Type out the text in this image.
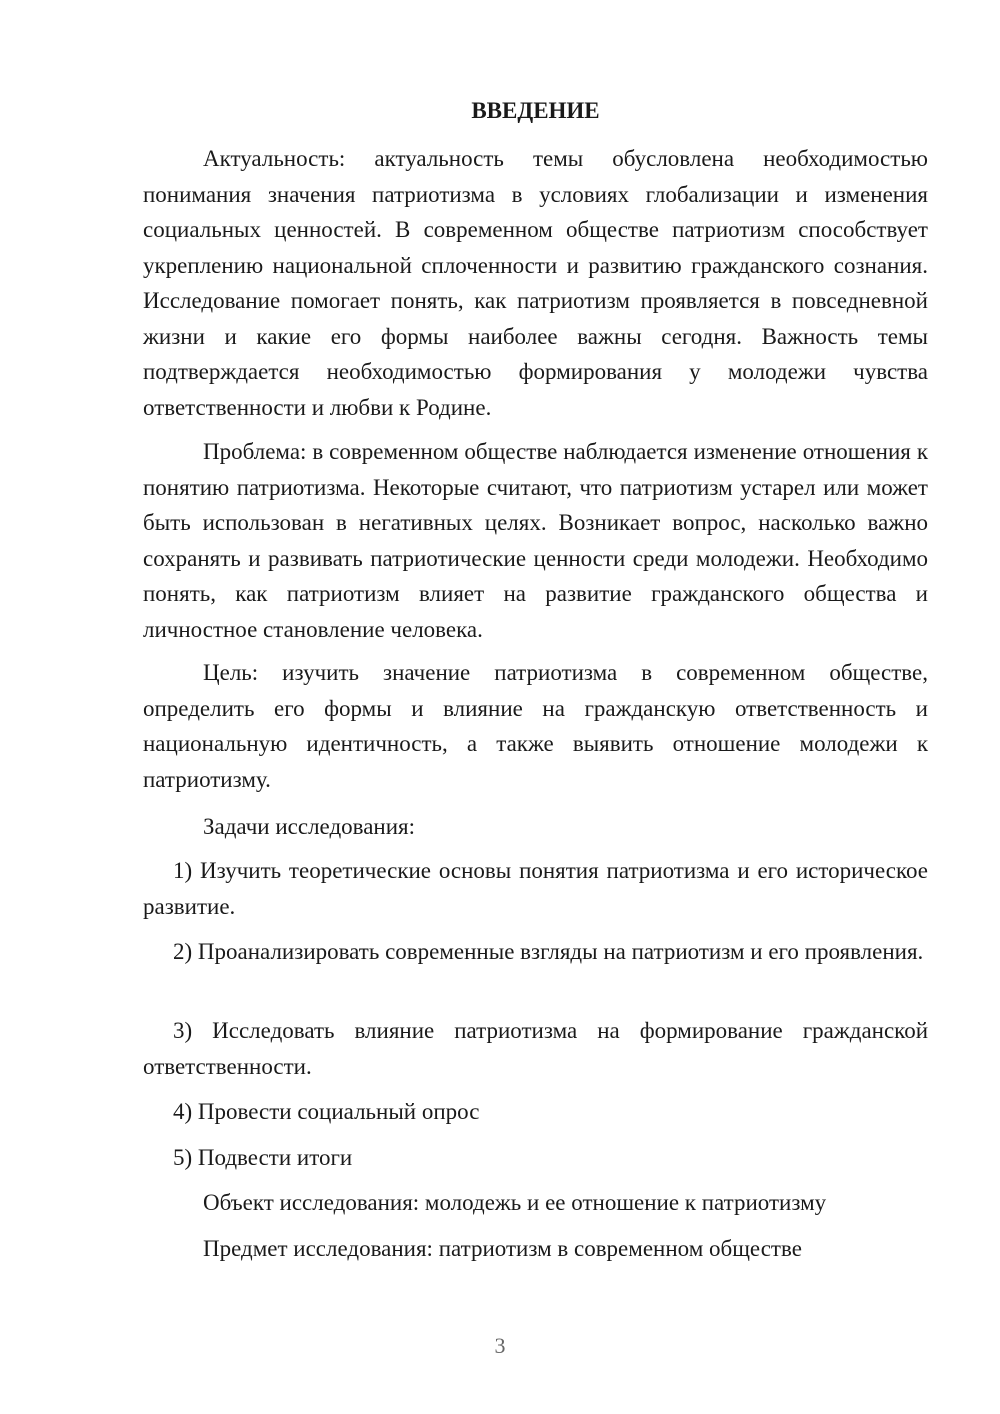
ВВЕДЕНИЕ

Актуальность: актуальность темы обусловлена необходимостью понимания значения патриотизма в условиях глобализации и изменения социальных ценностей. В современном обществе патриотизм способствует укреплению национальной сплоченности и развитию гражданского сознания. Исследование помогает понять, как патриотизм проявляется в повседневной жизни и какие его формы наиболее важны сегодня. Важность темы подтверждается необходимостью формирования у молодежи чувства ответственности и любви к Родине.

Проблема: в современном обществе наблюдается изменение отношения к понятию патриотизма. Некоторые считают, что патриотизм устарел или может быть использован в негативных целях. Возникает вопрос, насколько важно сохранять и развивать патриотические ценности среди молодежи. Необходимо понять, как патриотизм влияет на развитие гражданского общества и личностное становление человека.

Цель: изучить значение патриотизма в современном обществе, определить его формы и влияние на гражданскую ответственность и национальную идентичность, а также выявить отношение молодежи к патриотизму.

Задачи исследования:

1) Изучить теоретические основы понятия патриотизма и его историческое развитие.

2) Проанализировать современные взгляды на патриотизм и его проявления.

3) Исследовать влияние патриотизма на формирование гражданской ответственности.

4) Провести социальный опрос
5) Подвести итоги
Объект исследования: молодежь и ее отношение к патриотизму
Предмет исследования: патриотизм в современном обществе
3
